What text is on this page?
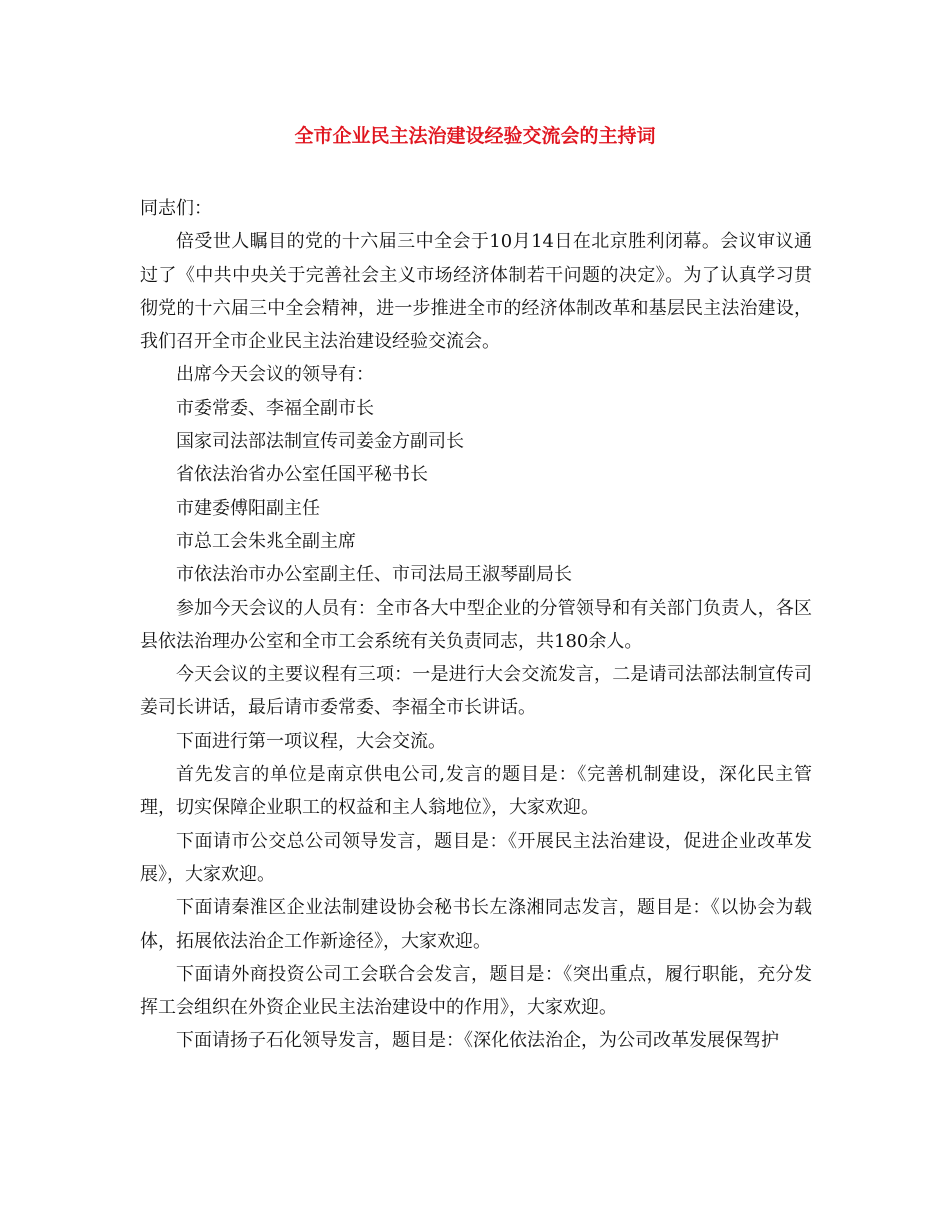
全市企业民主法治建设经验交流会的主持词

同志们：

倍受世人瞩目的党的十六届三中全会于10月14日在北京胜利闭幕。会议审议通过了《中共中央关于完善社会主义市场经济体制若干问题的决定》。为了认真学习贯彻党的十六届三中全会精神，进一步推进全市的经济体制改革和基层民主法治建设，我们召开全市企业民主法治建设经验交流会。

出席今天会议的领导有：

市委常委、李福全副市长

国家司法部法制宣传司姜金方副司长

省依法治省办公室任国平秘书长

市建委傅阳副主任

市总工会朱兆全副主席

市依法治市办公室副主任、市司法局王淑琴副局长

参加今天会议的人员有：全市各大中型企业的分管领导和有关部门负责人，各区县依法治理办公室和全市工会系统有关负责同志，共180余人。

今天会议的主要议程有三项：一是进行大会交流发言，二是请司法部法制宣传司姜司长讲话，最后请市委常委、李福全市长讲话。

下面进行第一项议程，大会交流。

首先发言的单位是南京供电公司,发言的题目是：《完善机制建设，深化民主管理，切实保障企业职工的权益和主人翁地位》，大家欢迎。

下面请市公交总公司领导发言，题目是：《开展民主法治建设，促进企业改革发展》，大家欢迎。

下面请秦淮区企业法制建设协会秘书长左涤湘同志发言，题目是：《以协会为载体，拓展依法治企工作新途径》，大家欢迎。

下面请外商投资公司工会联合会发言，题目是：《突出重点，履行职能，充分发挥工会组织在外资企业民主法治建设中的作用》，大家欢迎。

下面请扬子石化领导发言，题目是：《深化依法治企，为公司改革发展保驾护
